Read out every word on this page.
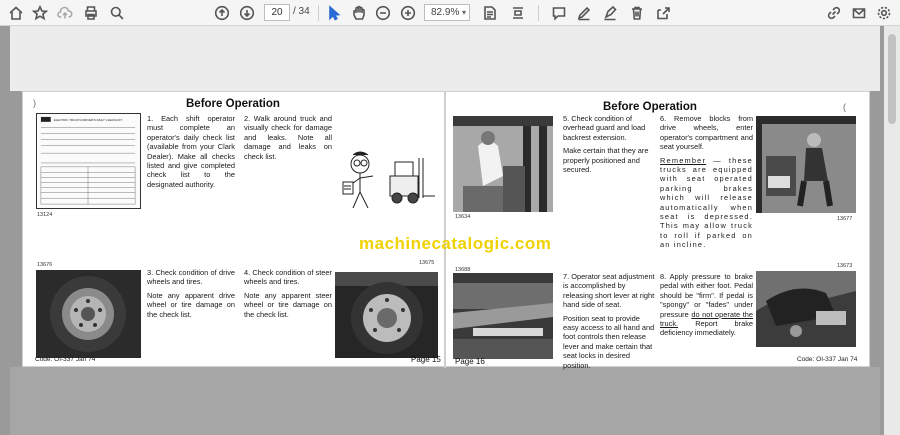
20	/ 34	82.9% ▾
)	(
Before Operation
ELECTRIC TRUCKS DRIVER'S DAILY CHECKLIST
13124

1. Each shift operator must complete an operator's daily check list (available from your Clark Dealer). Make all checks listed and give completed check list to the designated authority.

2. Walk around truck and visually check for damage and leaks. Note all damage and leaks on check list.

13676	13675

3. Check condition of drive wheels and tires.

Note any apparent drive wheel or tire damage on the check list.

4. Check condition of steer wheels and tires.

Note any apparent steer wheel or tire damage on the check list.

Code: OI-337 Jan 74	Page 15
Before Operation
13634

5. Check condition of overhead guard and load backrest extension.

Make certain that they are properly positioned and secured.

6. Remove blocks from drive wheels, enter operator's compartment and seat yourself.

Remember — these trucks are equipped with seat operated parking brakes which will release automatically when seat is depressed. This may allow truck to roll if parked on an incline.

13677
13688
13673

7. Operator seat adjustment is accomplished by releasing short lever at right hand side of seat.

Position seat to provide easy access to all hand and foot controls then release lever and make certain that seat locks in desired position.

8. Apply pressure to brake pedal with either foot. Pedal should be "firm". If pedal is "spongy" or "fades" under pressure do not operate the truck. Report brake deficiency immediately.

Page 16	Code: OI-337 Jan 74
machinecatalogic.com
